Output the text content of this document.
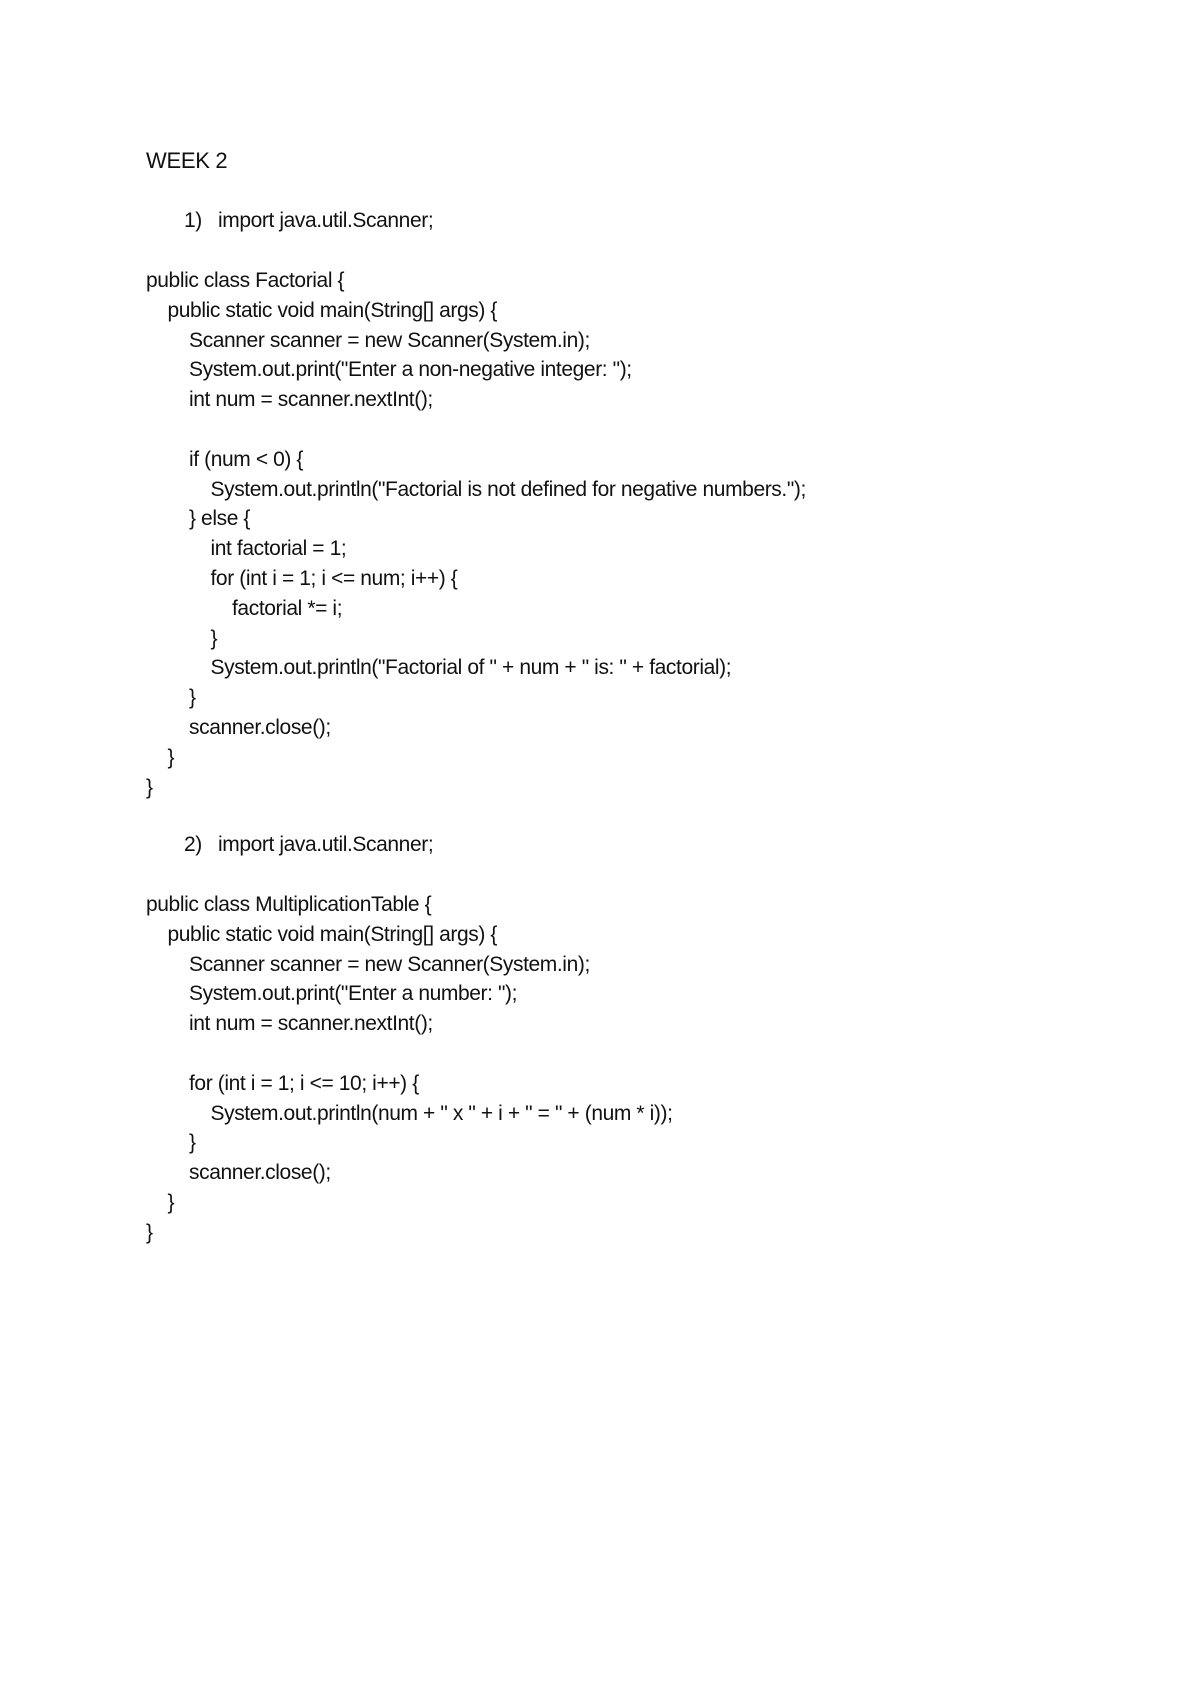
WEEK 2
1) import java.util.Scanner;
public class Factorial {
public static void main(String[] args) {
Scanner scanner = new Scanner(System.in);
System.out.print("Enter a non-negative integer: ");
int num = scanner.nextInt();
if (num < 0) {
System.out.println("Factorial is not defined for negative numbers.");
} else {
int factorial = 1;
for (int i = 1; i <= num; i++) {
factorial *= i;
}
System.out.println("Factorial of " + num + " is: " + factorial);
}
scanner.close();
}
}
2) import java.util.Scanner;
public class MultiplicationTable {
public static void main(String[] args) {
Scanner scanner = new Scanner(System.in);
System.out.print("Enter a number: ");
int num = scanner.nextInt();
for (int i = 1; i <= 10; i++) {
System.out.println(num + " x " + i + " = " + (num * i));
}
scanner.close();
}
}
